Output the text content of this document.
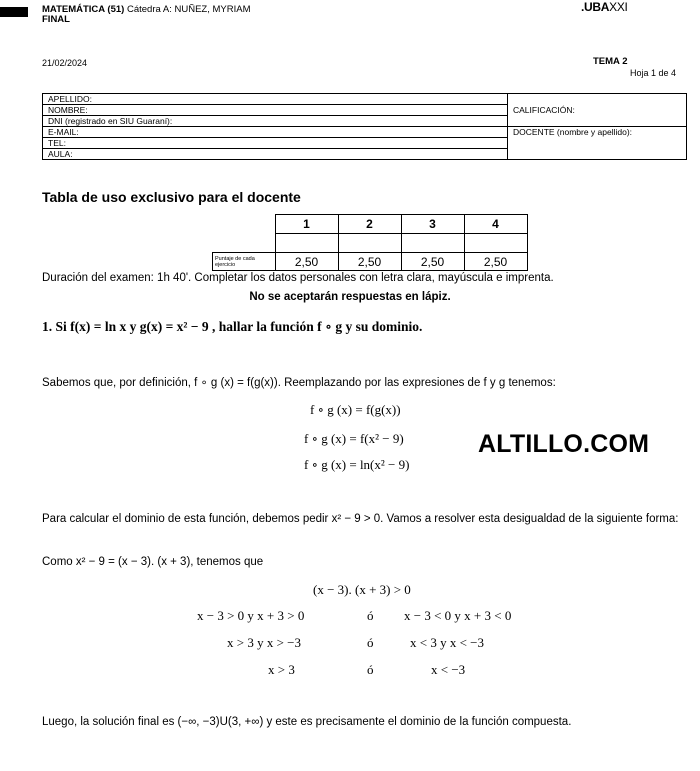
MATEMÁTICA (51) Cátedra A: NUÑEZ, MYRIAM
FINAL
.UBAXXI
21/02/2024	TEMA 2
Hoja 1 de 4
APELLIDO:	CALIFICACIÓN:
NOMBRE:	
DNI (registrado en SIU Guaraní):	
E-MAIL:	DOCENTE (nombre y apellido):
TEL:	
AULA:	
Tabla de uso exclusivo para el docente
	1	2	3	4

Puntaje de cada ejercicio	2,50	2,50	2,50	2,50
Duración del examen: 1h 40'. Completar los datos personales con letra clara, mayúscula e imprenta.
No se aceptarán respuestas en lápiz.
1. Si f(x) = ln x y g(x) = x² − 9 , hallar la función f ∘ g y su dominio.
Sabemos que, por definición, f ∘ g (x) = f(g(x)). Reemplazando por las expresiones de f y g tenemos:
f ∘ g (x) = f(g(x))
f ∘ g (x) = f(x² − 9)
f ∘ g (x) = ln(x² − 9)
ALTILLO.COM
Para calcular el dominio de esta función, debemos pedir x² − 9 > 0. Vamos a resolver esta desigualdad de la siguiente forma:
Como x² − 9 = (x − 3). (x + 3), tenemos que
(x − 3). (x + 3) > 0
x − 3 > 0 y x + 3 > 0	ó x − 3 < 0 y x + 3 < 0
x > 3 y x > −3	ó	x < 3 y x < −3
x > 3	ó	x < −3
Luego, la solución final es (−∞, −3)U(3, +∞) y este es precisamente el dominio de la función compuesta.
